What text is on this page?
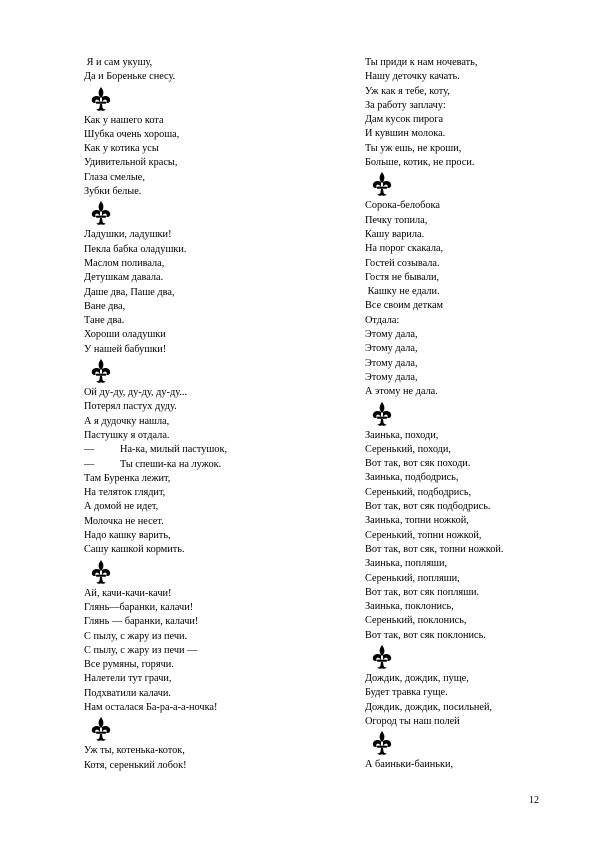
Я и сам укушу,
Да и Бореньке снесу.
Как у нашего кота
Шубка очень хороша,
Как у котика усы
Удивительной красы,
Глаза смелые,
Зубки белые.
Ладушки, ладушки!
Пекла бабка оладушки.
Маслом поливала,
Детушкам давала.
Даше два, Паше два,
Ване два,
Тане два.
Хороши оладушки
У нашей бабушки!
Ой ду-ду, ду-ду, ду-ду...
Потерял пастух дуду.
А я дудочку нашла,
Пастушку я отдала.
—          На-ка, милый пастушок,
—          Ты спеши-ка на лужок.
Там Буренка лежит,
На теляток глядит,
А домой не идет,
Молочка не несет.
Надо кашку варить,
Сашу кашкой кормить.
Ай, качи-качи-качи!
Глянь—баранки, калачи!
Глянь — баранки, калачи!
С пылу, с жару из печи.
С пылу, с жару из печи —
Все румяны, горячи.
Налетели тут грачи,
Подхватили калачи.
Нам осталася Ба-ра-а-а-ночка!
Уж ты, котенька-коток,
Котя, серенький лобок!
Ты приди к нам ночевать,
Нашу деточку качать.
Уж как я тебе, коту,
За работу заплачу:
Дам кусок пирога
И кувшин молока.
Ты уж ешь, не кроши,
Больше, котик, не проси.
Сорока-белобока
Печку топила,
Кашу варила.
На порог скакала,
Гостей созывала.
Гостя не бывали,
Кашку не едали.
Все своим деткам
Отдала:
Этому дала,
Этому дала,
Этому дала,
Этому дала,
А этому не дала.
Заинька, походи,
Серенький, походи,
Вот так, вот сяк походи.
Заинька, подбодрись,
Серенький, подбодрись,
Вот так, вот сяк подбодрись.
Заинька, топни ножкой,
Серенький, топни ножкой,
Вот так, вот сяк, топни ножкой.
Заинька, попляши,
Серенький, попляши,
Вот так, вот сяк попляши.
Заинька, поклонись,
Серенький, поклонись,
Вот так, вот сяк поклонись.
Дождик, дождик, пуще,
Будет травка гуще.
Дождик, дождик, посильней,
Огород ты наш полей
А баиньки-баиньки,
12
